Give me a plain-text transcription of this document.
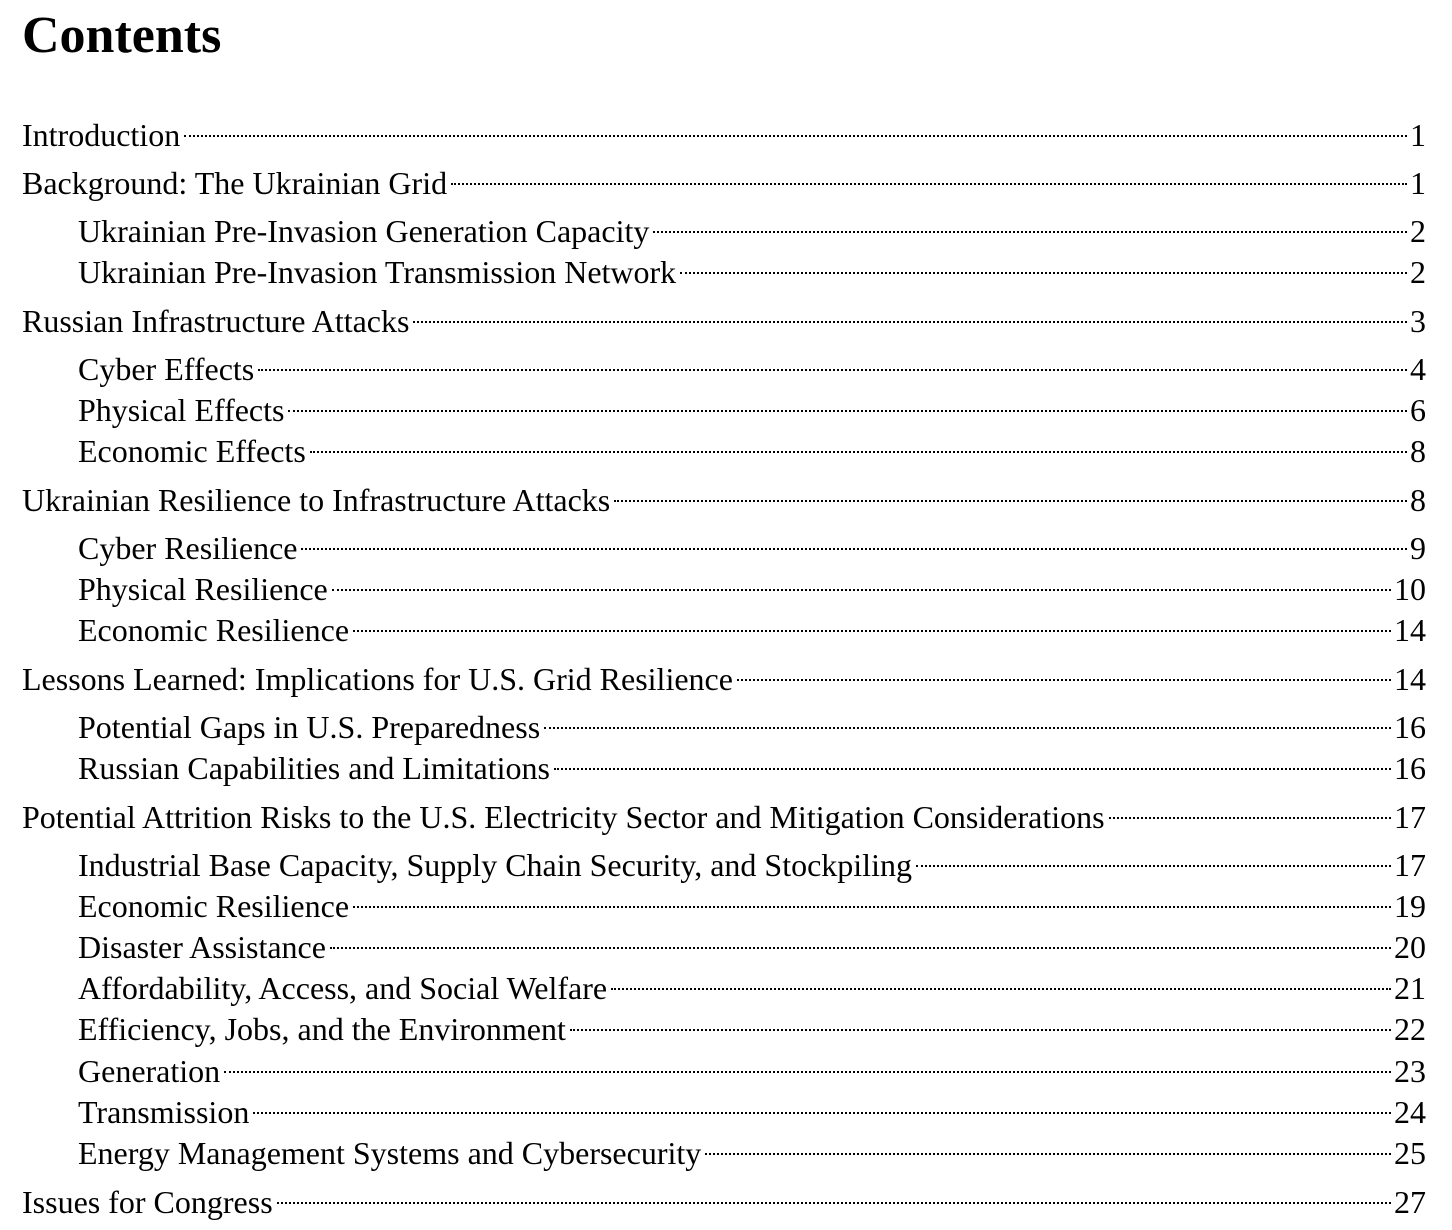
Contents
Introduction	1
Background: The Ukrainian Grid	1
Ukrainian Pre-Invasion Generation Capacity	2
Ukrainian Pre-Invasion Transmission Network	2
Russian Infrastructure Attacks	3
Cyber Effects	4
Physical Effects	6
Economic Effects	8
Ukrainian Resilience to Infrastructure Attacks	8
Cyber Resilience	9
Physical Resilience	10
Economic Resilience	14
Lessons Learned: Implications for U.S. Grid Resilience	14
Potential Gaps in U.S. Preparedness	16
Russian Capabilities and Limitations	16
Potential Attrition Risks to the U.S. Electricity Sector and Mitigation Considerations	17
Industrial Base Capacity, Supply Chain Security, and Stockpiling	17
Economic Resilience	19
Disaster Assistance	20
Affordability, Access, and Social Welfare	21
Efficiency, Jobs, and the Environment	22
Generation	23
Transmission	24
Energy Management Systems and Cybersecurity	25
Issues for Congress	27
